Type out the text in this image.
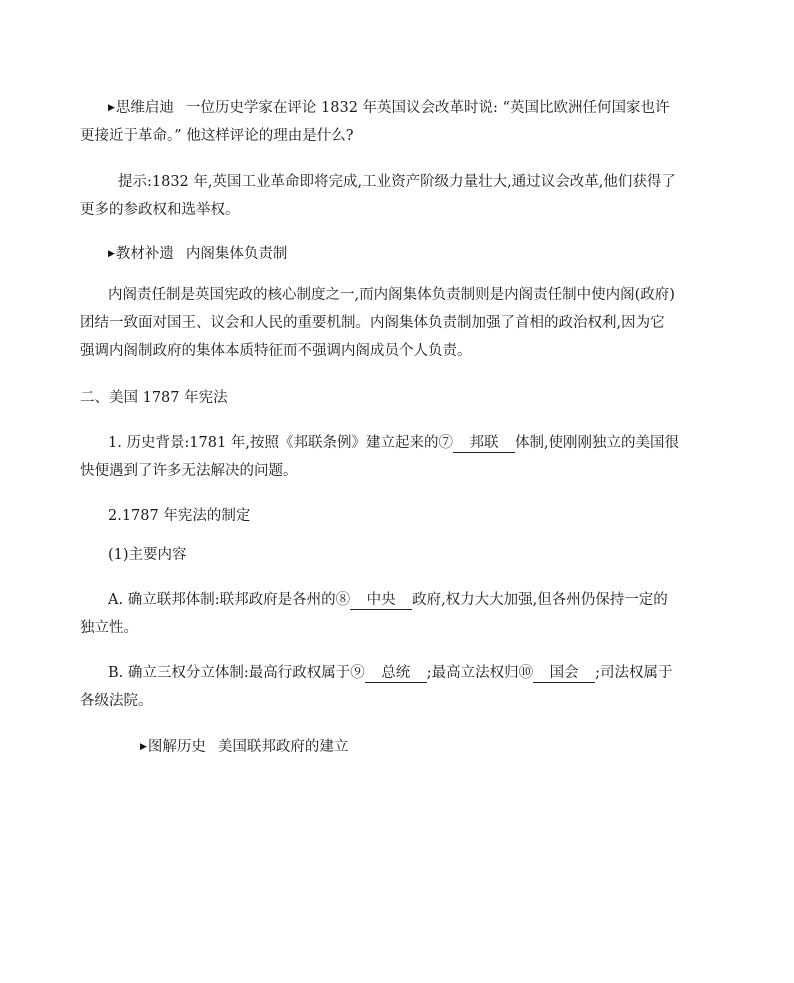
▶思维启迪 一位历史学家在评论 1832 年英国议会改革时说: “英国比欧洲任何国家也许
更接近于革命。” 他这样评论的理由是什么?
提示:1832 年,英国工业革命即将完成,工业资产阶级力量壮大,通过议会改革,他们获得了
更多的参政权和选举权。
▶教材补遗 内阁集体负责制
内阁责任制是英国宪政的核心制度之一,而内阁集体负责制则是内阁责任制中使内阁(政府)
团结一致面对国王、议会和人民的重要机制。内阁集体负责制加强了首相的政治权利,因为它
强调内阁制政府的集体本质特征而不强调内阁成员个人负责。
二、美国 1787 年宪法
1. 历史背景:1781 年,按照《邦联条例》建立起来的⑦ 邦联 体制,使刚刚独立的美国很
快便遇到了许多无法解决的问题。
2.1787 年宪法的制定
(1)主要内容
A. 确立联邦体制:联邦政府是各州的⑧ 中央 政府,权力大大加强,但各州仍保持一定的
独立性。
B. 确立三权分立体制:最高行政权属于⑨ 总统 ;最高立法权归⑩ 国会 ;司法权属于
各级法院。
▶图解历史 美国联邦政府的建立
